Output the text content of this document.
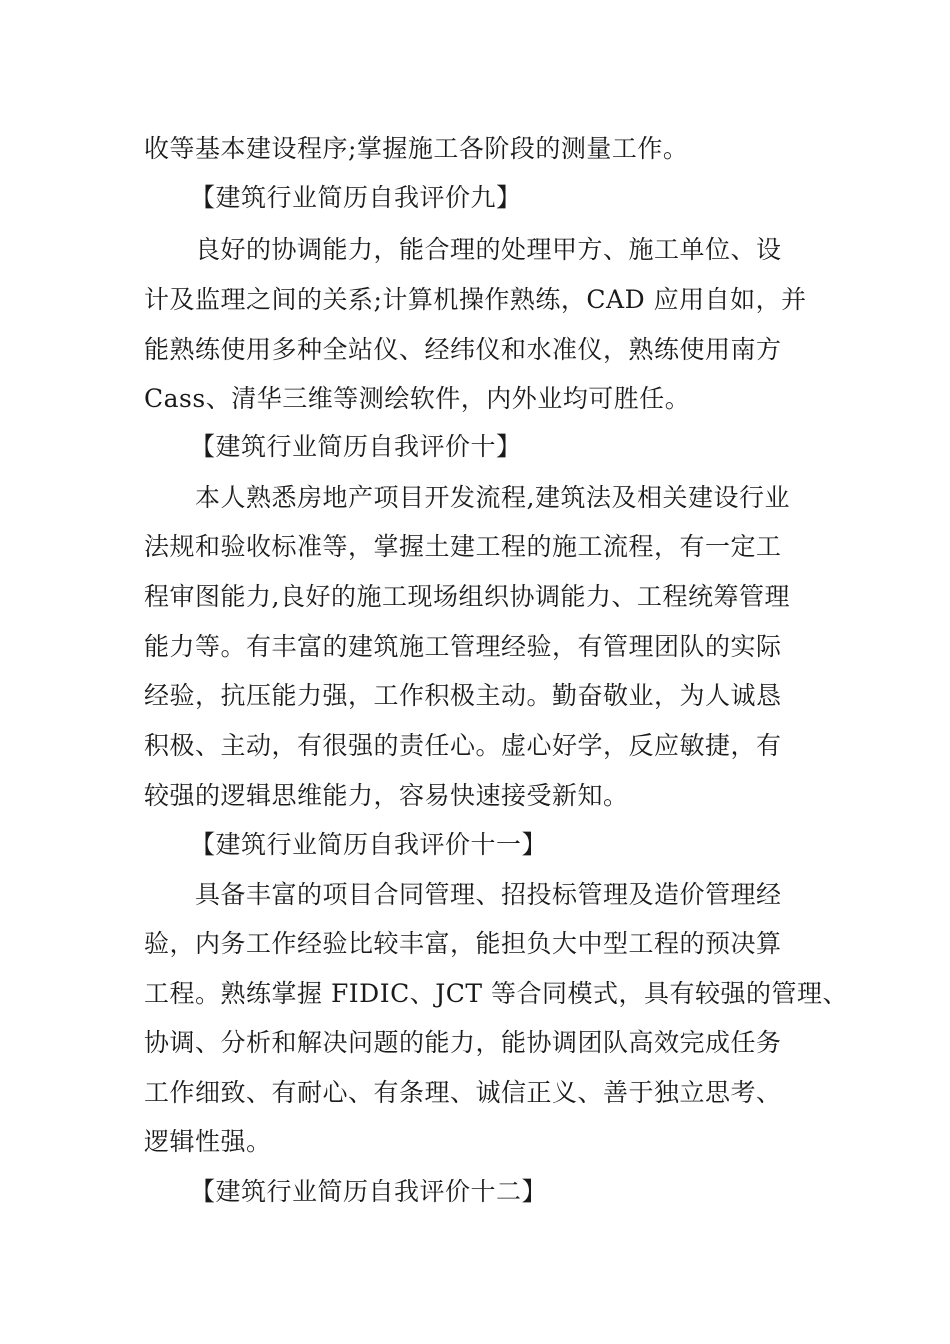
收等基本建设程序;掌握施工各阶段的测量工作。
【建筑行业简历自我评价九】
良好的协调能力，能合理的处理甲方、施工单位、设
计及监理之间的关系;计算机操作熟练，CAD 应用自如，并
能熟练使用多种全站仪、经纬仪和水准仪，熟练使用南方
Cass、清华三维等测绘软件，内外业均可胜任。
【建筑行业简历自我评价十】
本人熟悉房地产项目开发流程,建筑法及相关建设行业
法规和验收标准等，掌握土建工程的施工流程，有一定工
程审图能力,良好的施工现场组织协调能力、工程统筹管理
能力等。有丰富的建筑施工管理经验，有管理团队的实际
经验，抗压能力强，工作积极主动。勤奋敬业，为人诚恳
积极、主动，有很强的责任心。虚心好学，反应敏捷，有
较强的逻辑思维能力，容易快速接受新知。
【建筑行业简历自我评价十一】
具备丰富的项目合同管理、招投标管理及造价管理经
验，内务工作经验比较丰富，能担负大中型工程的预决算
工程。熟练掌握 FIDIC、JCT 等合同模式，具有较强的管理、
协调、分析和解决问题的能力，能协调团队高效完成任务
工作细致、有耐心、有条理、诚信正义、善于独立思考、
逻辑性强。
【建筑行业简历自我评价十二】
